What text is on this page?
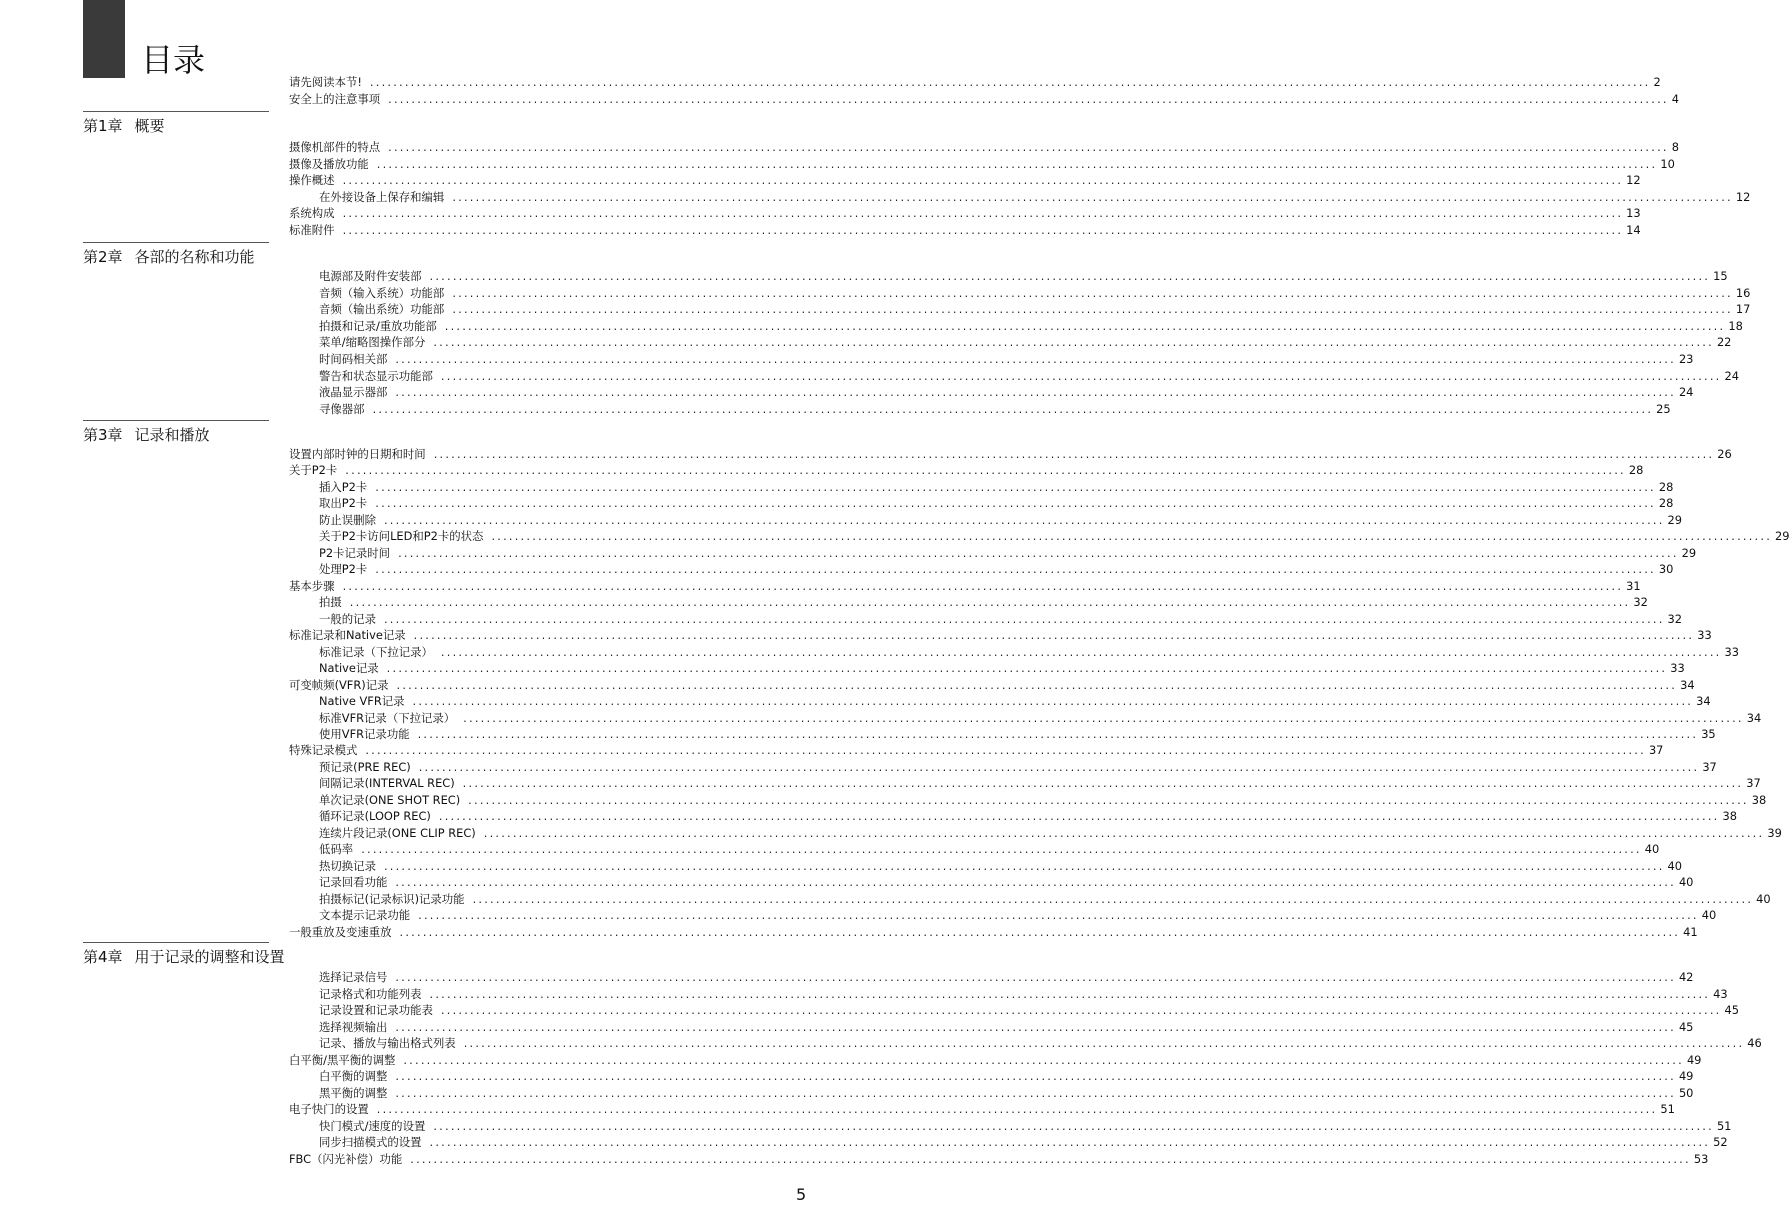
目录
第1章 概要
第2章 各部的名称和功能
第3章 记录和播放
第4章 用于记录的调整和设置
请先阅读本节! ............................................................................................................................................................................................................................ 2
安全上的注意事项 ............................................................................................................................................................................................................................ 4
摄像机部件的特点 ............................................................................................................................................................................................................................ 8
摄像及播放功能 ............................................................................................................................................................................................................................ 10
操作概述 ............................................................................................................................................................................................................................ 12
在外接设备上保存和编辑 ............................................................................................................................................................................................................................ 12
系统构成 ............................................................................................................................................................................................................................ 13
标准附件 ............................................................................................................................................................................................................................ 14
电源部及附件安装部 ............................................................................................................................................................................................................................ 15
音频（输入系统）功能部 ............................................................................................................................................................................................................................ 16
音频（输出系统）功能部 ............................................................................................................................................................................................................................ 17
拍摄和记录/重放功能部 ............................................................................................................................................................................................................................ 18
菜单/缩略图操作部分 ............................................................................................................................................................................................................................ 22
时间码相关部 ............................................................................................................................................................................................................................ 23
警告和状态显示功能部 ............................................................................................................................................................................................................................ 24
液晶显示器部 ............................................................................................................................................................................................................................ 24
寻像器部 ............................................................................................................................................................................................................................ 25
设置内部时钟的日期和时间 ............................................................................................................................................................................................................................ 26
关于P2卡 ............................................................................................................................................................................................................................ 28
插入P2卡 ............................................................................................................................................................................................................................ 28
取出P2卡 ............................................................................................................................................................................................................................ 28
防止误删除 ............................................................................................................................................................................................................................ 29
关于P2卡访问LED和P2卡的状态 ............................................................................................................................................................................................................................ 29
P2卡记录时间 ............................................................................................................................................................................................................................ 29
处理P2卡 ............................................................................................................................................................................................................................ 30
基本步骤 ............................................................................................................................................................................................................................ 31
拍摄 ............................................................................................................................................................................................................................ 32
一般的记录 ............................................................................................................................................................................................................................ 32
标准记录和Native记录 ............................................................................................................................................................................................................................ 33
标准记录（下拉记录） ............................................................................................................................................................................................................................ 33
Native记录 ............................................................................................................................................................................................................................ 33
可变帧频(VFR)记录 ............................................................................................................................................................................................................................ 34
Native VFR记录 ............................................................................................................................................................................................................................ 34
标准VFR记录（下拉记录） ............................................................................................................................................................................................................................ 34
使用VFR记录功能 ............................................................................................................................................................................................................................ 35
特殊记录模式 ............................................................................................................................................................................................................................ 37
预记录(PRE REC) ............................................................................................................................................................................................................................ 37
间隔记录(INTERVAL REC) ............................................................................................................................................................................................................................ 37
单次记录(ONE SHOT REC) ............................................................................................................................................................................................................................ 38
循环记录(LOOP REC) ............................................................................................................................................................................................................................ 38
连续片段记录(ONE CLIP REC) ............................................................................................................................................................................................................................ 39
低码率 ............................................................................................................................................................................................................................ 40
热切换记录 ............................................................................................................................................................................................................................ 40
记录回看功能 ............................................................................................................................................................................................................................ 40
拍摄标记(记录标识)记录功能 ............................................................................................................................................................................................................................ 40
文本提示记录功能 ............................................................................................................................................................................................................................ 40
一般重放及变速重放 ............................................................................................................................................................................................................................ 41
选择记录信号 ............................................................................................................................................................................................................................ 42
记录格式和功能列表 ............................................................................................................................................................................................................................ 43
记录设置和记录功能表 ............................................................................................................................................................................................................................ 45
选择视频输出 ............................................................................................................................................................................................................................ 45
记录、播放与输出格式列表 ............................................................................................................................................................................................................................ 46
白平衡/黑平衡的调整 ............................................................................................................................................................................................................................ 49
白平衡的调整 ............................................................................................................................................................................................................................ 49
黑平衡的调整 ............................................................................................................................................................................................................................ 50
电子快门的设置 ............................................................................................................................................................................................................................ 51
快门模式/速度的设置 ............................................................................................................................................................................................................................ 51
同步扫描模式的设置 ............................................................................................................................................................................................................................ 52
FBC（闪光补偿）功能 ............................................................................................................................................................................................................................ 53
5
